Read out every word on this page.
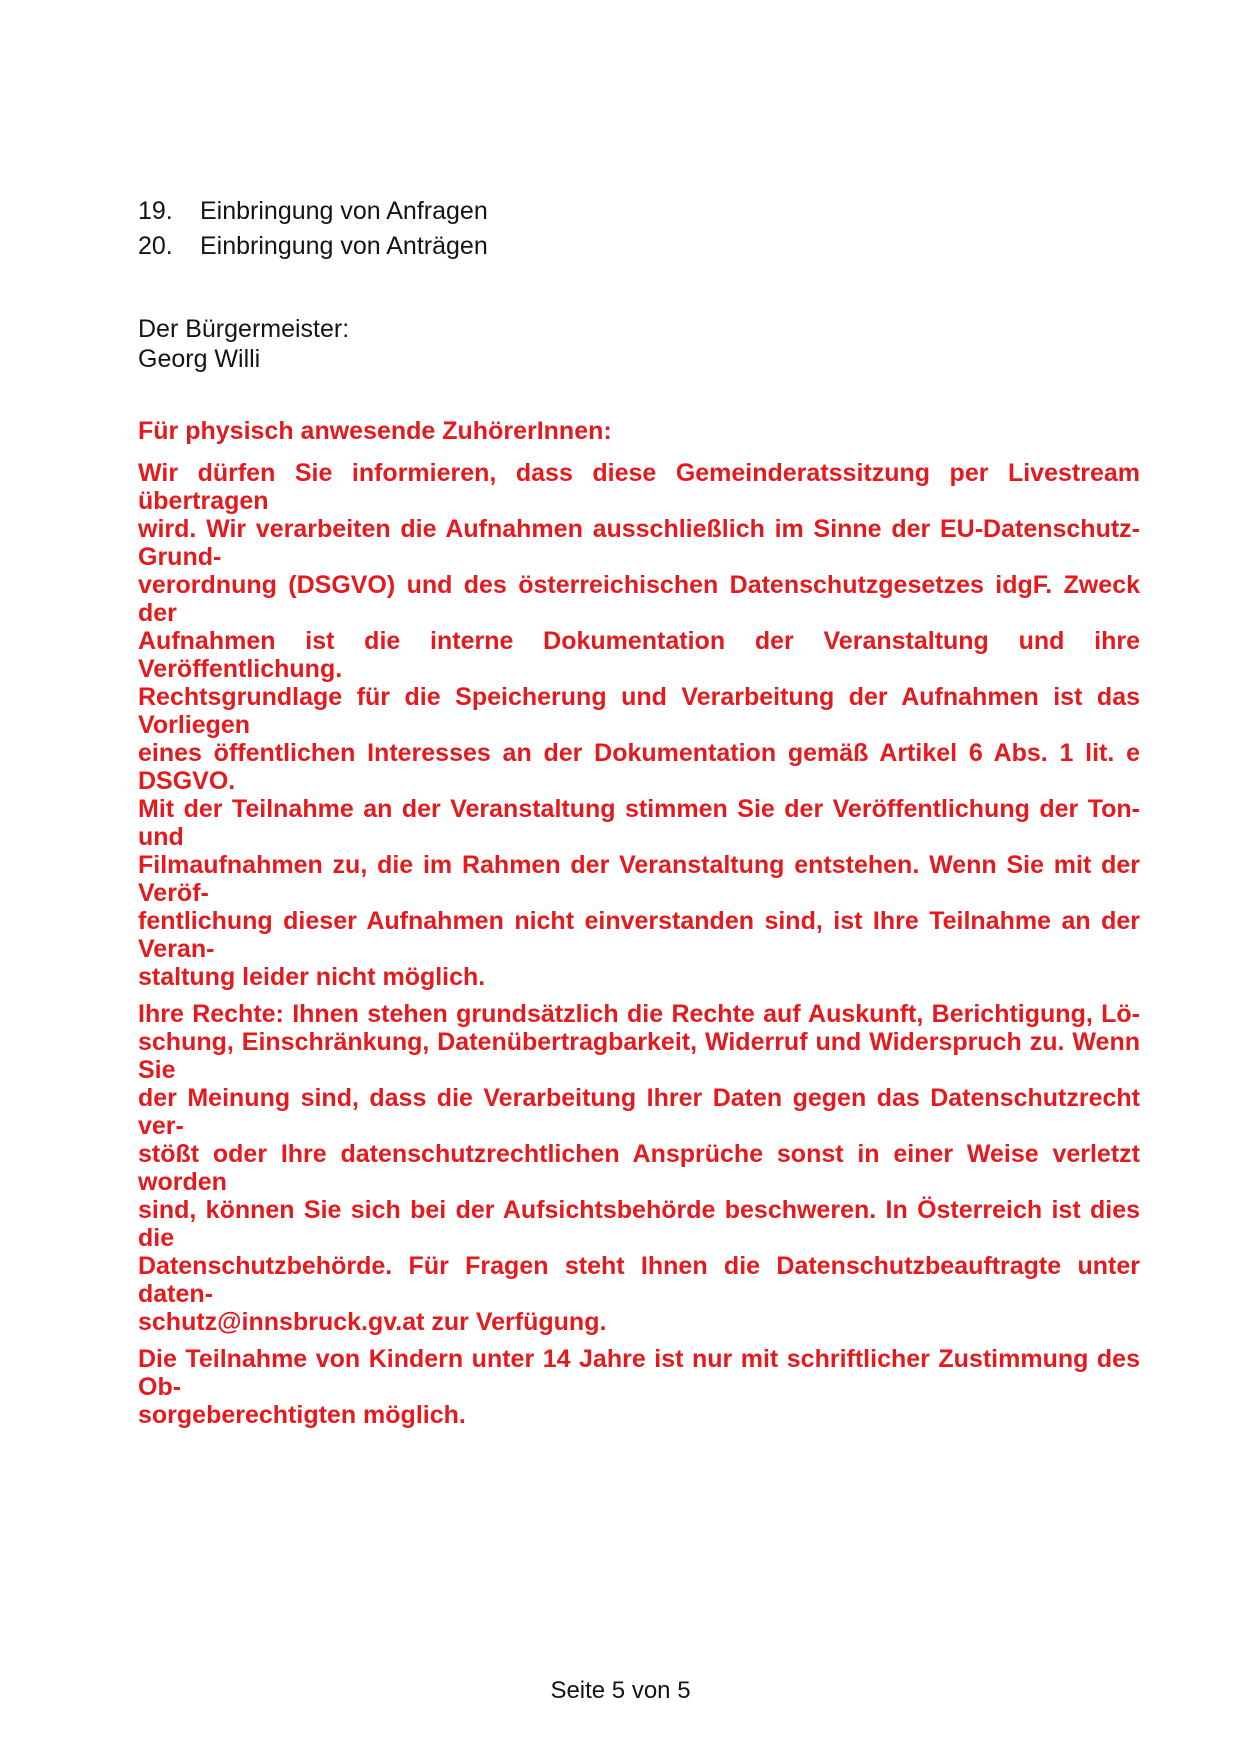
19.	Einbringung von Anfragen
20.	Einbringung von Anträgen
Der Bürgermeister:
Georg Willi
Für physisch anwesende ZuhörerInnen:
Wir dürfen Sie informieren, dass diese Gemeinderatssitzung per Livestream übertragen
wird. Wir verarbeiten die Aufnahmen ausschließlich im Sinne der EU-Datenschutz-Grund-
verordnung (DSGVO) und des österreichischen Datenschutzgesetzes idgF. Zweck der
Aufnahmen ist die interne Dokumentation der Veranstaltung und ihre Veröffentlichung.
Rechtsgrundlage für die Speicherung und Verarbeitung der Aufnahmen ist das Vorliegen
eines öffentlichen Interesses an der Dokumentation gemäß Artikel 6 Abs. 1 lit. e DSGVO.
Mit der Teilnahme an der Veranstaltung stimmen Sie der Veröffentlichung der Ton- und
Filmaufnahmen zu, die im Rahmen der Veranstaltung entstehen. Wenn Sie mit der Veröf-
fentlichung dieser Aufnahmen nicht einverstanden sind, ist Ihre Teilnahme an der Veran-
staltung leider nicht möglich.
Ihre Rechte: Ihnen stehen grundsätzlich die Rechte auf Auskunft, Berichtigung, Lö-
schung, Einschränkung, Datenübertragbarkeit, Widerruf und Widerspruch zu. Wenn Sie
der Meinung sind, dass die Verarbeitung Ihrer Daten gegen das Datenschutzrecht ver-
stößt oder Ihre datenschutzrechtlichen Ansprüche sonst in einer Weise verletzt worden
sind, können Sie sich bei der Aufsichtsbehörde beschweren. In Österreich ist dies die
Datenschutzbehörde. Für Fragen steht Ihnen die Datenschutzbeauftragte unter daten-
schutz@innsbruck.gv.at zur Verfügung.
Die Teilnahme von Kindern unter 14 Jahre ist nur mit schriftlicher Zustimmung des Ob-
sorgeberechtigten möglich.
Seite 5 von 5
